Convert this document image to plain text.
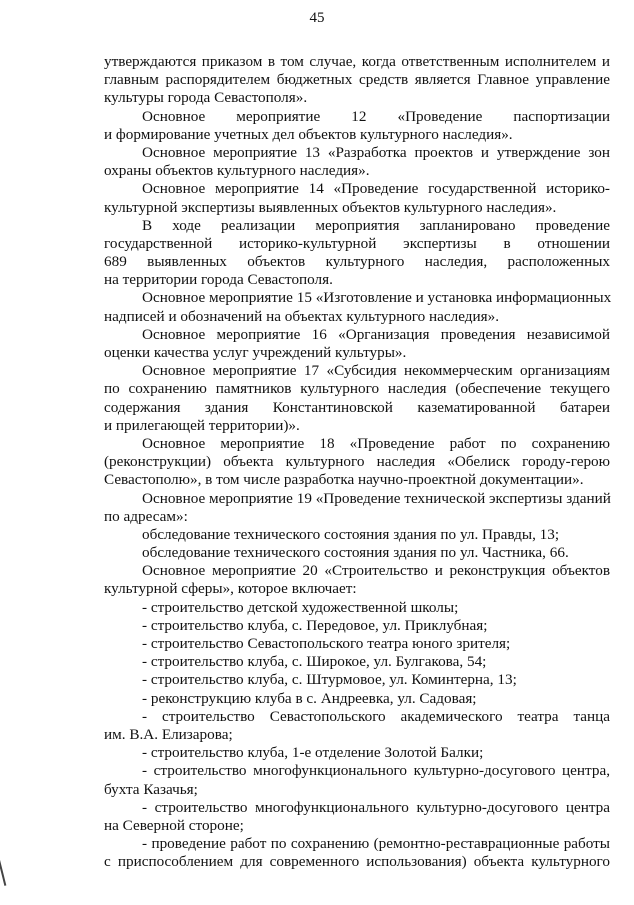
45
утверждаются приказом в том случае, когда ответственным исполнителем и
главным распорядителем бюджетных средств является Главное управление
культуры города Севастополя».
Основное мероприятие 12 «Проведение паспортизации
и формирование учетных дел объектов культурного наследия».
Основное мероприятие 13 «Разработка проектов и утверждение зон
охраны объектов культурного наследия».
Основное мероприятие 14 «Проведение государственной историко-
культурной экспертизы выявленных объектов культурного наследия».
В ходе реализации мероприятия запланировано проведение
государственной историко-культурной экспертизы в отношении
689 выявленных объектов культурного наследия, расположенных
на территории города Севастополя.
Основное мероприятие 15 «Изготовление и установка информационных
надписей и обозначений на объектах культурного наследия».
Основное мероприятие 16 «Организация проведения независимой
оценки качества услуг учреждений культуры».
Основное мероприятие 17 «Субсидия некоммерческим организациям
по сохранению памятников культурного наследия (обеспечение текущего
содержания здания Константиновской казематированной батареи
и прилегающей территории)».
Основное мероприятие 18 «Проведение работ по сохранению
(реконструкции) объекта культурного наследия «Обелиск городу-герою
Севастополю», в том числе разработка научно-проектной документации».
Основное мероприятие 19 «Проведение технической экспертизы зданий
по адресам»:
обследование технического состояния здания по ул. Правды, 13;
обследование технического состояния здания по ул. Частника, 66.
Основное мероприятие 20 «Строительство и реконструкция объектов
культурной сферы», которое включает:
- строительство детской художественной школы;
- строительство клуба, с. Передовое, ул. Приклубная;
- строительство Севастопольского театра юного зрителя;
- строительство клуба, с. Широкое, ул. Булгакова, 54;
- строительство клуба, с. Штурмовое, ул. Коминтерна, 13;
- реконструкцию клуба в с. Андреевка, ул. Садовая;
- строительство Севастопольского академического театра танца
им. В.А. Елизарова;
- строительство клуба, 1-е отделение Золотой Балки;
- строительство многофункционального культурно-досугового центра,
бухта Казачья;
- строительство многофункционального культурно-досугового центра
на Северной стороне;
- проведение работ по сохранению (ремонтно-реставрационные работы
с приспособлением для современного использования) объекта культурного
